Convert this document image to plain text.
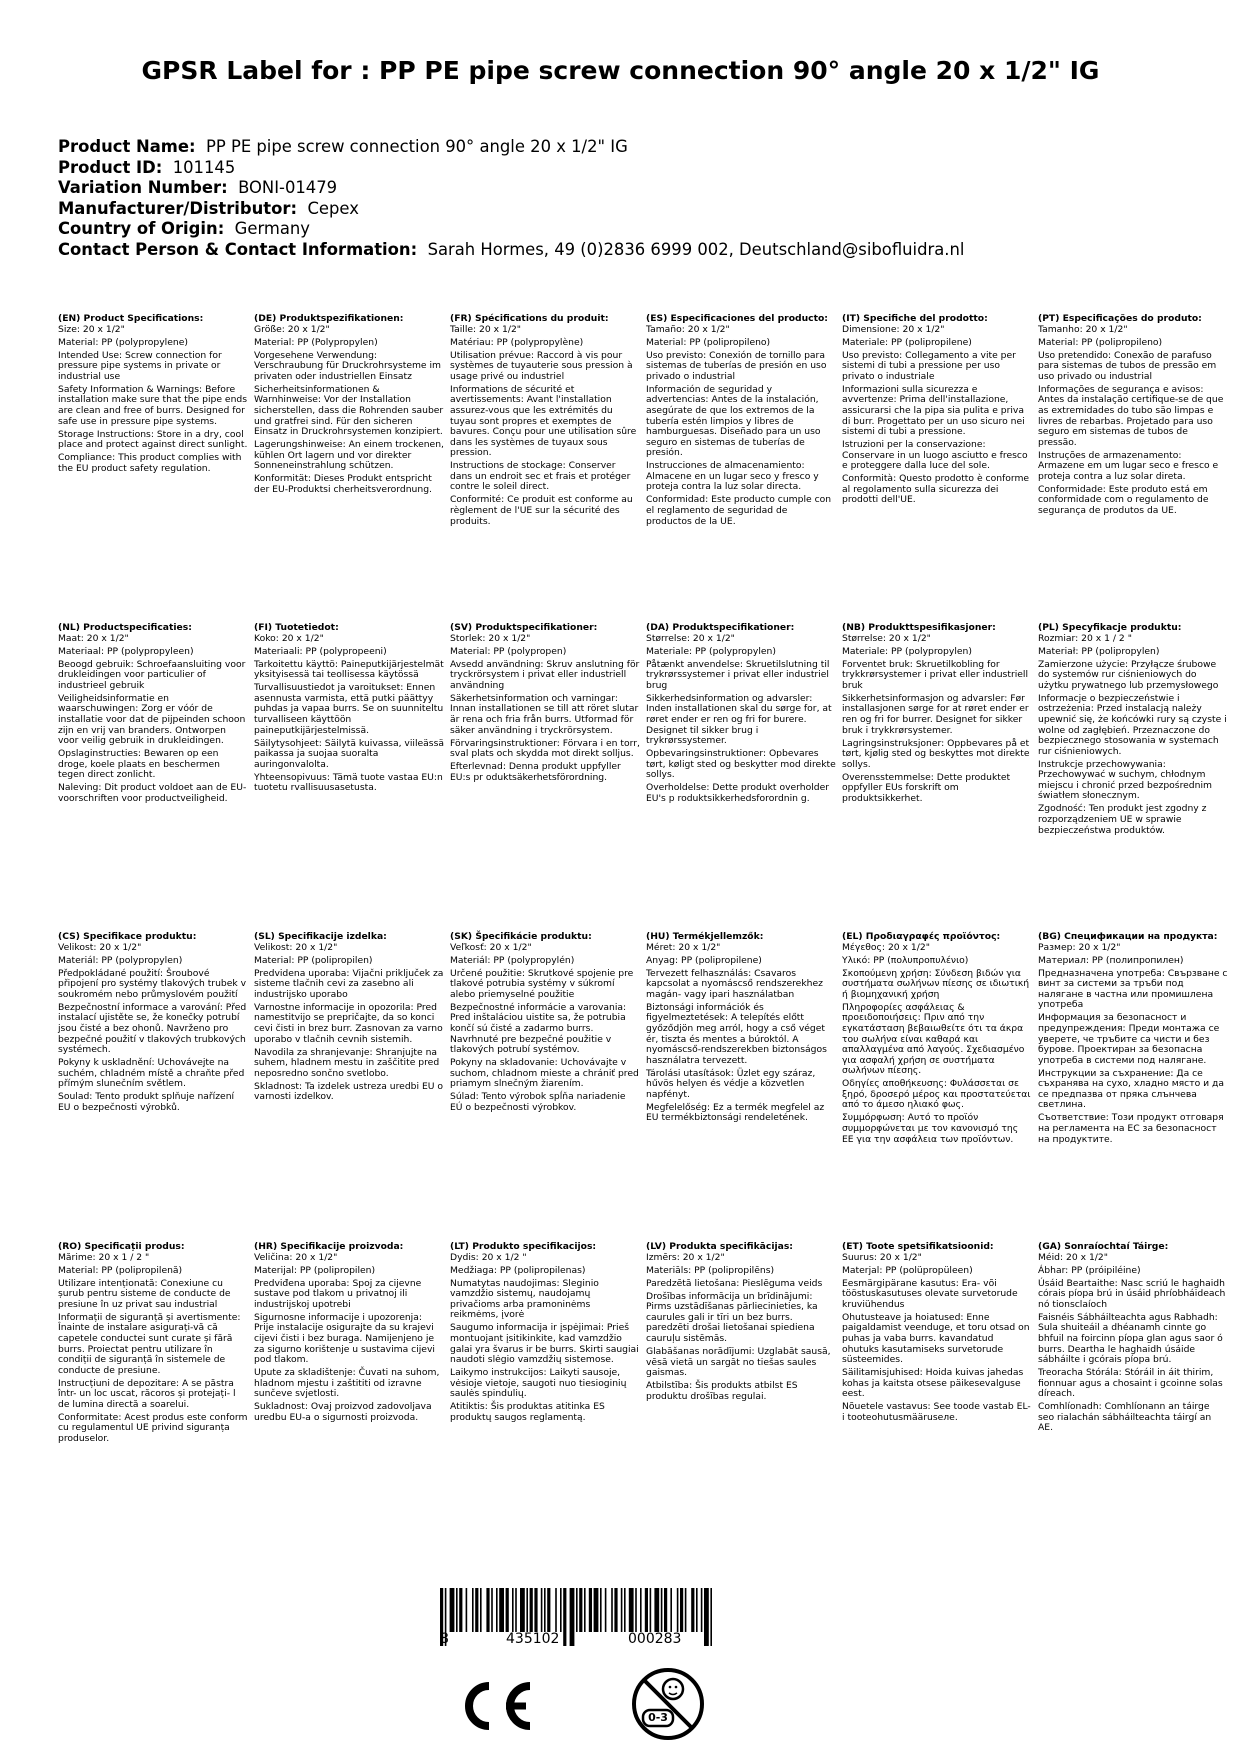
GPSR Label for : PP PE pipe screw connection 90° angle 20 x 1/2" IG
Product Name: PP PE pipe screw connection 90° angle 20 x 1/2" IG
Product ID: 101145
Variation Number: BONI-01479
Manufacturer/Distributor: Cepex
Country of Origin: Germany
Contact Person & Contact Information: Sarah Hormes, 49 (0)2836 6999 002, Deutschland@sibofluidra.nl
(EN) Product Specifications:

Size: 20 x 1/2"

Material: PP (polypropylene)

Intended Use: Screw connection for pressure pipe systems in private or industrial use

Safety Information & Warnings: Before installation make sure that the pipe ends are clean and free of burrs. Designed for safe use in pressure pipe systems.

Storage Instructions: Store in a dry, cool place and protect against direct sunlight.

Compliance: This product complies with the EU product safety regulation.

(DE) Produktspezifikationen:

Größe: 20 x 1/2"

Material: PP (Polypropylen)

Vorgesehene Verwendung: Verschraubung für Druckrohrsysteme im privaten oder industriellen Einsatz

Sicherheitsinformationen & Warnhinweise: Vor der Installation sicherstellen, dass die Rohrenden sauber und gratfrei sind. Für den sicheren Einsatz in Druckrohrsystemen konzipiert.

Lagerungshinweise: An einem trockenen, kühlen Ort lagern und vor direkter Sonneneinstrahlung schützen.

Konformität: Dieses Produkt entspricht der EU-Produktsi cherheitsverordnung.

(FR) Spécifications du produit:

Taille: 20 x 1/2"

Matériau: PP (polypropylène)

Utilisation prévue: Raccord à vis pour systèmes de tuyauterie sous pression à usage privé ou industriel

Informations de sécurité et avertissements: Avant l'installation assurez-vous que les extrémités du tuyau sont propres et exemptes de bavures. Conçu pour une utilisation sûre dans les systèmes de tuyaux sous pression.

Instructions de stockage: Conserver dans un endroit sec et frais et protéger contre le soleil direct.

Conformité: Ce produit est conforme au règlement de l'UE sur la sécurité des produits.

(ES) Especificaciones del producto:

Tamaño: 20 x 1/2"

Material: PP (polipropileno)

Uso previsto: Conexión de tornillo para sistemas de tuberías de presión en uso privado o industrial

Información de seguridad y advertencias: Antes de la instalación, asegúrate de que los extremos de la tubería estén limpios y libres de hamburguesas. Diseñado para un uso seguro en sistemas de tuberías de presión.

Instrucciones de almacenamiento: Almacene en un lugar seco y fresco y proteja contra la luz solar directa.

Conformidad: Este producto cumple con el reglamento de seguridad de productos de la UE.

(IT) Specifiche del prodotto:

Dimensione: 20 x 1/2"

Materiale: PP (polipropilene)

Uso previsto: Collegamento a vite per sistemi di tubi a pressione per uso privato o industriale

Informazioni sulla sicurezza e avvertenze: Prima dell'installazione, assicurarsi che la pipa sia pulita e priva di burr. Progettato per un uso sicuro nei sistemi di tubi a pressione.

Istruzioni per la conservazione: Conservare in un luogo asciutto e fresco e proteggere dalla luce del sole.

Conformità: Questo prodotto è conforme al regolamento sulla sicurezza dei prodotti dell'UE.

(PT) Especificações do produto:

Tamanho: 20 x 1/2"

Material: PP (polipropileno)

Uso pretendido: Conexão de parafuso para sistemas de tubos de pressão em uso privado ou industrial

Informações de segurança e avisos: Antes da instalação certifique-se de que as extremidades do tubo são limpas e livres de rebarbas. Projetado para uso seguro em sistemas de tubos de pressão.

Instruções de armazenamento: Armazene em um lugar seco e fresco e proteja contra a luz solar direta.

Conformidade: Este produto está em conformidade com o regulamento de segurança de produtos da UE.

(NL) Productspecificaties:

Maat: 20 x 1/2"

Materiaal: PP (polypropyleen)

Beoogd gebruik: Schroefaansluiting voor drukleidingen voor particulier of industrieel gebruik

Veiligheidsinformatie en waarschuwingen: Zorg er vóór de installatie voor dat de pijpeinden schoon zijn en vrij van branders. Ontworpen voor veilig gebruik in drukleidingen.

Opslaginstructies: Bewaren op een droge, koele plaats en beschermen tegen direct zonlicht.

Naleving: Dit product voldoet aan de EU-voorschriften voor productveiligheid.

(FI) Tuotetiedot:

Koko: 20 x 1/2"

Materiaali: PP (polypropeeni)

Tarkoitettu käyttö: Paineputkijärjestelmät yksityisessä tai teollisessa käytössä

Turvallisuustiedot ja varoitukset: Ennen asennusta varmista, että putki päättyy puhdas ja vapaa burrs. Se on suunniteltu turvalliseen käyttöön paineputkijärjestelmissä.

Säilytysohjeet: Säilytä kuivassa, viileässä paikassa ja suojaa suoralta auringonvalolta.

Yhteensopivuus: Tämä tuote vastaa EU:n tuotetu rvallisuusasetusta.

(SV) Produktspecifikationer:

Storlek: 20 x 1/2"

Material: PP (polypropen)

Avsedd användning: Skruv anslutning för tryckrörsystem i privat eller industriell användning

Säkerhetsinformation och varningar: Innan installationen se till att röret slutar är rena och fria från burrs. Utformad för säker användning i tryckrörsystem.

Förvaringsinstruktioner: Förvara i en torr, sval plats och skydda mot direkt solljus.

Efterlevnad: Denna produkt uppfyller EU:s pr oduktsäkerhetsförordning.

(DA) Produktspecifikationer:

Størrelse: 20 x 1/2"

Materiale: PP (polypropylen)

Påtænkt anvendelse: Skruetilslutning til trykrørssystemer i privat eller industriel brug

Sikkerhedsinformation og advarsler: Inden installationen skal du sørge for, at røret ender er ren og fri for burere. Designet til sikker brug i trykrørssystemer.

Opbevaringsinstruktioner: Opbevares tørt, køligt sted og beskytter mod direkte sollys.

Overholdelse: Dette produkt overholder EU's p roduktsikkerhedsforordnin g.

(NB) Produkttspesifikasjoner:

Størrelse: 20 x 1/2"

Materiale: PP (polypropylen)

Forventet bruk: Skruetilkobling for trykkrørsystemer i privat eller industriell bruk

Sikkerhetsinformasjon og advarsler: Før installasjonen sørge for at røret ender er ren og fri for burrer. Designet for sikker bruk i trykkrørsystemer.

Lagringsinstruksjoner: Oppbevares på et tørt, kjølig sted og beskyttes mot direkte sollys.

Overensstemmelse: Dette produktet oppfyller EUs forskrift om produktsikkerhet.

(PL) Specyfikacje produktu:

Rozmiar: 20 x 1 / 2 "

Materiał: PP (polipropylen)

Zamierzone użycie: Przyłącze śrubowe do systemów rur ciśnieniowych do użytku prywatnego lub przemysłowego

Informacje o bezpieczeństwie i ostrzeżenia: Przed instalacją należy upewnić się, że końcówki rury są czyste i wolne od zagłębień. Przeznaczone do bezpiecznego stosowania w systemach rur ciśnieniowych.

Instrukcje przechowywania: Przechowywać w suchym, chłodnym miejscu i chronić przed bezpośrednim światłem słonecznym.

Zgodność: Ten produkt jest zgodny z rozporządzeniem UE w sprawie bezpieczeństwa produktów.

(CS) Specifikace produktu:

Velikost: 20 x 1/2"

Materiál: PP (polypropylen)

Předpokládané použití: Šroubové připojení pro systémy tlakových trubek v soukromém nebo průmyslovém použití

Bezpečnostní informace a varování: Před instalací ujistěte se, že konečky potrubí jsou čisté a bez ohonů. Navrženo pro bezpečné použití v tlakových trubkových systémech.

Pokyny k uskladnění: Uchovávejte na suchém, chladném místě a chraňte před přímým slunečním světlem.

Soulad: Tento produkt splňuje nařízení EU o bezpečnosti výrobků.

(SL) Specifikacije izdelka:

Velikost: 20 x 1/2"

Material: PP (polipropilen)

Predvidena uporaba: Vijačni priključek za sisteme tlačnih cevi za zasebno ali industrijsko uporabo

Varnostne informacije in opozorila: Pred namestitvijo se prepričajte, da so konci cevi čisti in brez burr. Zasnovan za varno uporabo v tlačnih cevnih sistemih.

Navodila za shranjevanje: Shranjujte na suhem, hladnem mestu in zaščitite pred neposredno sončno svetlobo.

Skladnost: Ta izdelek ustreza uredbi EU o varnosti izdelkov.

(SK) Špecifikácie produktu:

Veľkosť: 20 x 1/2"

Materiál: PP (polypropylén)

Určené použitie: Skrutkové spojenie pre tlakové potrubia systémy v súkromí alebo priemyselné použitie

Bezpečnostné informácie a varovania: Pred inštaláciou uistite sa, že potrubia končí sú čisté a zadarmo burrs. Navrhnuté pre bezpečné použitie v tlakových potrubí systémov.

Pokyny na skladovanie: Uchovávajte v suchom, chladnom mieste a chrániť pred priamym slnečným žiarením.

Súlad: Tento výrobok spĺňa nariadenie EÚ o bezpečnosti výrobkov.

(HU) Termékjellemzők:

Méret: 20 x 1/2"

Anyag: PP (polipropilene)

Tervezett felhasználás: Csavaros kapcsolat a nyomáscső rendszerekhez magán- vagy ipari használatban

Biztonsági információk és figyelmeztetések: A telepítés előtt győződjön meg arról, hogy a cső véget ér, tiszta és mentes a búroktól. A nyomáscső-rendszerekben biztonságos használatra tervezett.

Tárolási utasítások: Üzlet egy száraz, hűvös helyen és védje a közvetlen napfényt.

Megfelelőség: Ez a termék megfelel az EU termékbiztonsági rendeletének.

(EL) Προδιαγραφές προϊόντος:

Μέγεθος: 20 x 1/2"

Υλικό: PP (πολυπροπυλένιο)

Σκοπούμενη χρήση: Σύνδεση βιδών για συστήματα σωλήνων πίεσης σε ιδιωτική ή βιομηχανική χρήση

Πληροφορίες ασφάλειας & προειδοποιήσεις: Πριν από την εγκατάσταση βεβαιωθείτε ότι τα άκρα του σωλήνα είναι καθαρά και απαλλαγμένα από λαγούς. Σχεδιασμένο για ασφαλή χρήση σε συστήματα σωλήνων πίεσης.

Οδηγίες αποθήκευσης: Φυλάσσεται σε ξηρό, δροσερό μέρος και προστατεύεται από το άμεσο ηλιακό φως.

Συμμόρφωση: Αυτό το προϊόν συμμορφώνεται με τον κανονισμό της ΕΕ για την ασφάλεια των προϊόντων.

(BG) Спецификации на продукта:

Размер: 20 x 1/2"

Материал: PP (полипропилен)

Предназначена употреба: Свързване с винт за системи за тръби под налягане в частна или промишлена употреба

Информация за безопасност и предупреждения: Преди монтажа се уверете, че тръбите са чисти и без бурове. Проектиран за безопасна употреба в системи под налягане.

Инструкции за съхранение: Да се съхранява на сухо, хладно място и да се предпазва от пряка слънчева светлина.

Съответствие: Този продукт отговаря на регламента на ЕС за безопасност на продуктите.

(RO) Specificații produs:

Mărime: 20 x 1 / 2 "

Material: PP (polipropilenă)

Utilizare intenționată: Conexiune cu șurub pentru sisteme de conducte de presiune în uz privat sau industrial

Informații de siguranță și avertismente: Înainte de instalare asigurați-vă că capetele conductei sunt curate și fără burrs. Proiectat pentru utilizare în condiții de siguranță în sistemele de conducte de presiune.

Instrucțiuni de depozitare: A se păstra într- un loc uscat, răcoros și protejați- l de lumina directă a soarelui.

Conformitate: Acest produs este conform cu regulamentul UE privind siguranța produselor.

(HR) Specifikacije proizvoda:

Veličina: 20 x 1/2"

Materijal: PP (polipropilen)

Predviđena uporaba: Spoj za cijevne sustave pod tlakom u privatnoj ili industrijskoj upotrebi

Sigurnosne informacije i upozorenja: Prije instalacije osigurajte da su krajevi cijevi čisti i bez buraga. Namijenjeno je za sigurno korištenje u sustavima cijevi pod tlakom.

Upute za skladištenje: Čuvati na suhom, hladnom mjestu i zaštititi od izravne sunčeve svjetlosti.

Sukladnost: Ovaj proizvod zadovoljava uredbu EU-a o sigurnosti proizvoda.

(LT) Produkto specifikacijos:

Dydis: 20 x 1/2 "

Medžiaga: PP (polipropilenas)

Numatytas naudojimas: Sleginio vamzdžio sistemų, naudojamų privačioms arba pramoninėms reikmėms, įvorė

Saugumo informacija ir įspėjimai: Prieš montuojant įsitikinkite, kad vamzdžio galai yra švarus ir be burrs. Skirti saugiai naudoti slėgio vamzdžių sistemose.

Laikymo instrukcijos: Laikyti sausoje, vėsioje vietoje, saugoti nuo tiesioginių saulės spindulių.

Atitiktis: Šis produktas atitinka ES produktų saugos reglamentą.

(LV) Produkta specifikācijas:

Izmērs: 20 x 1/2"

Materiāls: PP (polipropilēns)

Paredzētā lietošana: Pieslēguma veids

Drošības informācija un brīdinājumi: Pirms uzstādīšanas pārliecinieties, ka caurules gali ir tīri un bez burrs. paredzēti drošai lietošanai spiediena cauruļu sistēmās.

Glabāšanas norādījumi: Uzglabāt sausā, vēsā vietā un sargāt no tiešas saules gaismas.

Atbilstība: Šis produkts atbilst ES produktu drošības regulai.

(ET) Toote spetsifikatsioonid:

Suurus: 20 x 1/2"

Materjal: PP (polüpropüleen)

Eesmärgipärane kasutus: Era- või tööstuskasutuses olevate survetorude kruviühendus

Ohutusteave ja hoiatused: Enne paigaldamist veenduge, et toru otsad on puhas ja vaba burrs. kavandatud ohutuks kasutamiseks survetorude süsteemides.

Säilitamisjuhised: Hoida kuivas jahedas kohas ja kaitsta otsese päikesevalguse eest.

Nõuetele vastavus: See toode vastab EL-i tooteohutusmääruseле.

(GA) Sonraíochtaí Táirge:

Méid: 20 x 1/2"

Ábhar: PP (próipiléine)

Úsáid Beartaithe: Nasc scriú le haghaidh córais píopa brú in úsáid phríobháideach nó tionsclaíoch

Faisnéis Sábháilteachta agus Rabhadh: Sula shuiteáil a dhéanamh cinnte go bhfuil na foircinn píopa glan agus saor ó burrs. Deartha le haghaidh úsáide sábháilte i gcórais píopa brú.

Treoracha Stórála: Stóráil in áit thirim, fionnuar agus a chosaint i gcoinne solas díreach.

Comhlíonadh: Comhlíonann an táirge seo rialachán sábháilteachta táirgí an AE.

8	435102	000283
0-3
